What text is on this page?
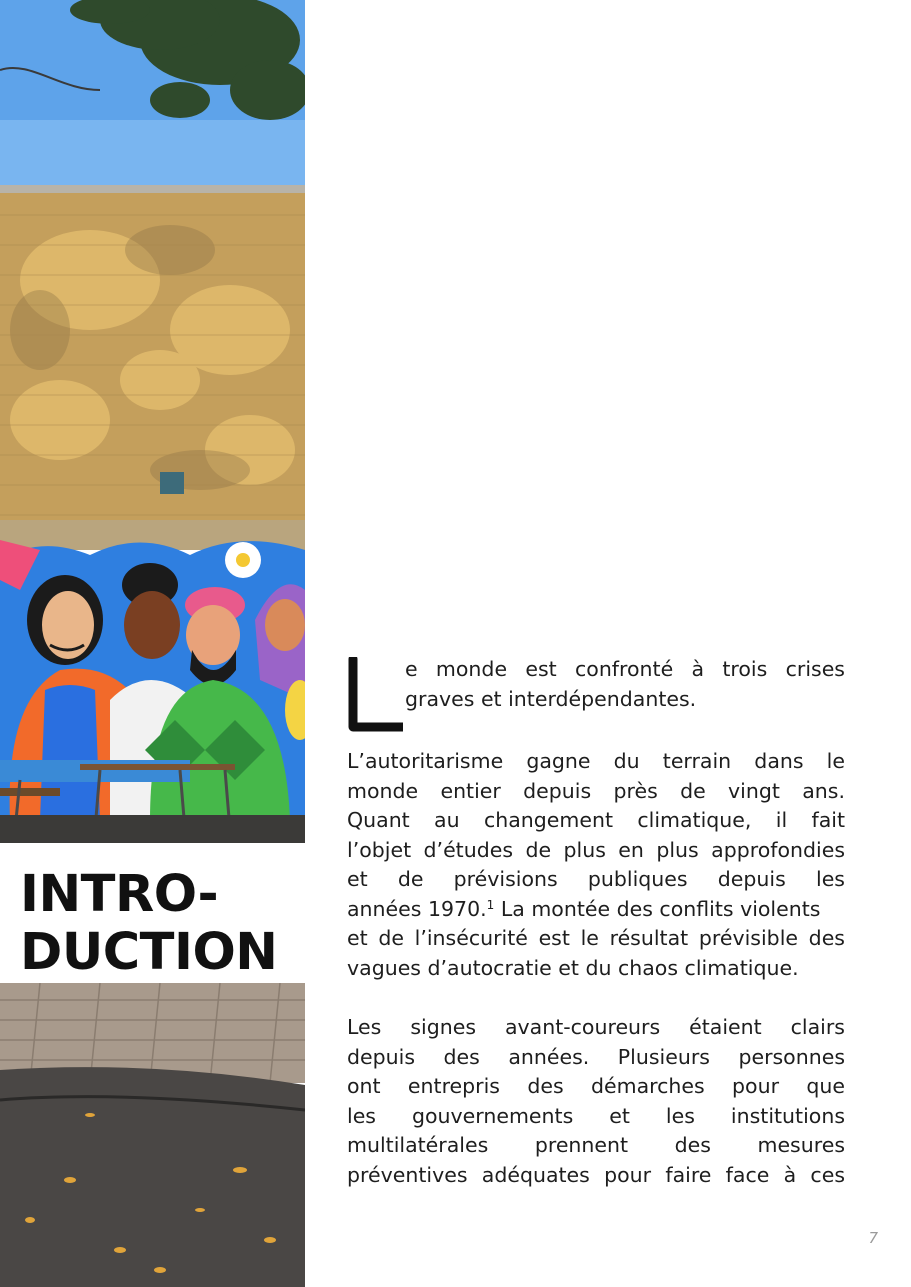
INTRO-
DUCTION
L	e monde est confronté à trois crises
graves et interdépendantes.

L’autoritarisme gagne du terrain dans le
monde entier depuis près de vingt ans.
Quant au changement climatique, il fait
l’objet d’études de plus en plus approfondies
et de prévisions publiques depuis les
années 1970.$^1$ La montée des conflits violents
et de l’insécurité est le résultat prévisible des
vagues d’autocratie et du chaos climatique.

Les signes avant-coureurs étaient clairs
depuis des années. Plusieurs personnes
ont entrepris des démarches pour que
les gouvernements et les institutions
multilatérales prennent des mesures
préventives adéquates pour faire face à ces

7
